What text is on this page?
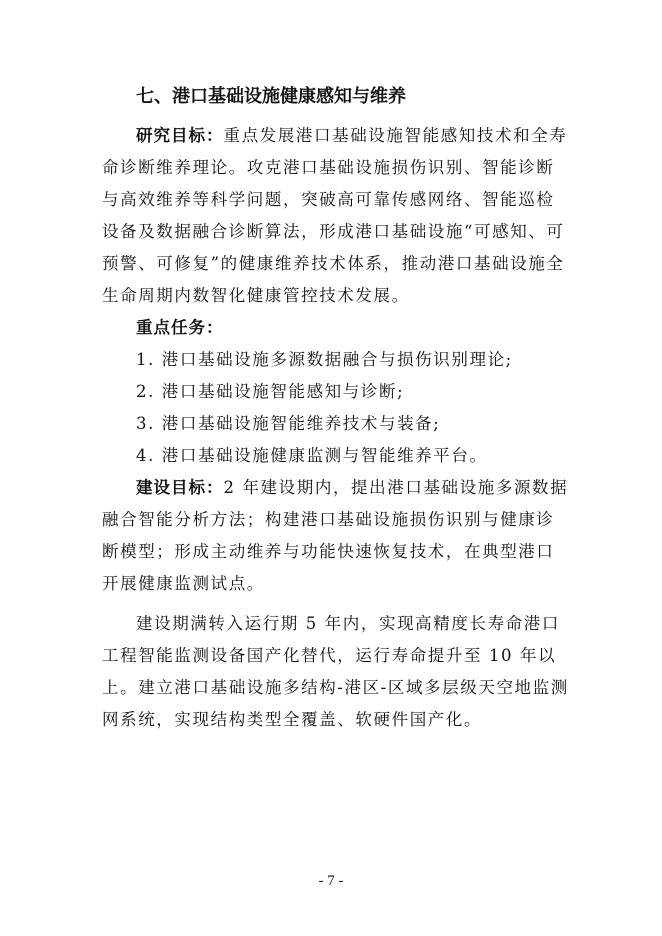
七、港口基础设施健康感知与维养

研究目标：重点发展港口基础设施智能感知技术和全寿命诊断维养理论。攻克港口基础设施损伤识别、智能诊断与高效维养等科学问题，突破高可靠传感网络、智能巡检设备及数据融合诊断算法，形成港口基础设施“可感知、可预警、可修复”的健康维养技术体系，推动港口基础设施全生命周期内数智化健康管控技术发展。

重点任务：

1. 港口基础设施多源数据融合与损伤识别理论;

2. 港口基础设施智能感知与诊断;

3. 港口基础设施智能维养技术与装备;

4. 港口基础设施健康监测与智能维养平台。

建设目标：2 年建设期内，提出港口基础设施多源数据融合智能分析方法；构建港口基础设施损伤识别与健康诊断模型；形成主动维养与功能快速恢复技术，在典型港口开展健康监测试点。

建设期满转入运行期 5 年内，实现高精度长寿命港口工程智能监测设备国产化替代，运行寿命提升至 10 年以上。建立港口基础设施多结构-港区-区域多层级天空地监测网系统，实现结构类型全覆盖、软硬件国产化。

- 7 -
